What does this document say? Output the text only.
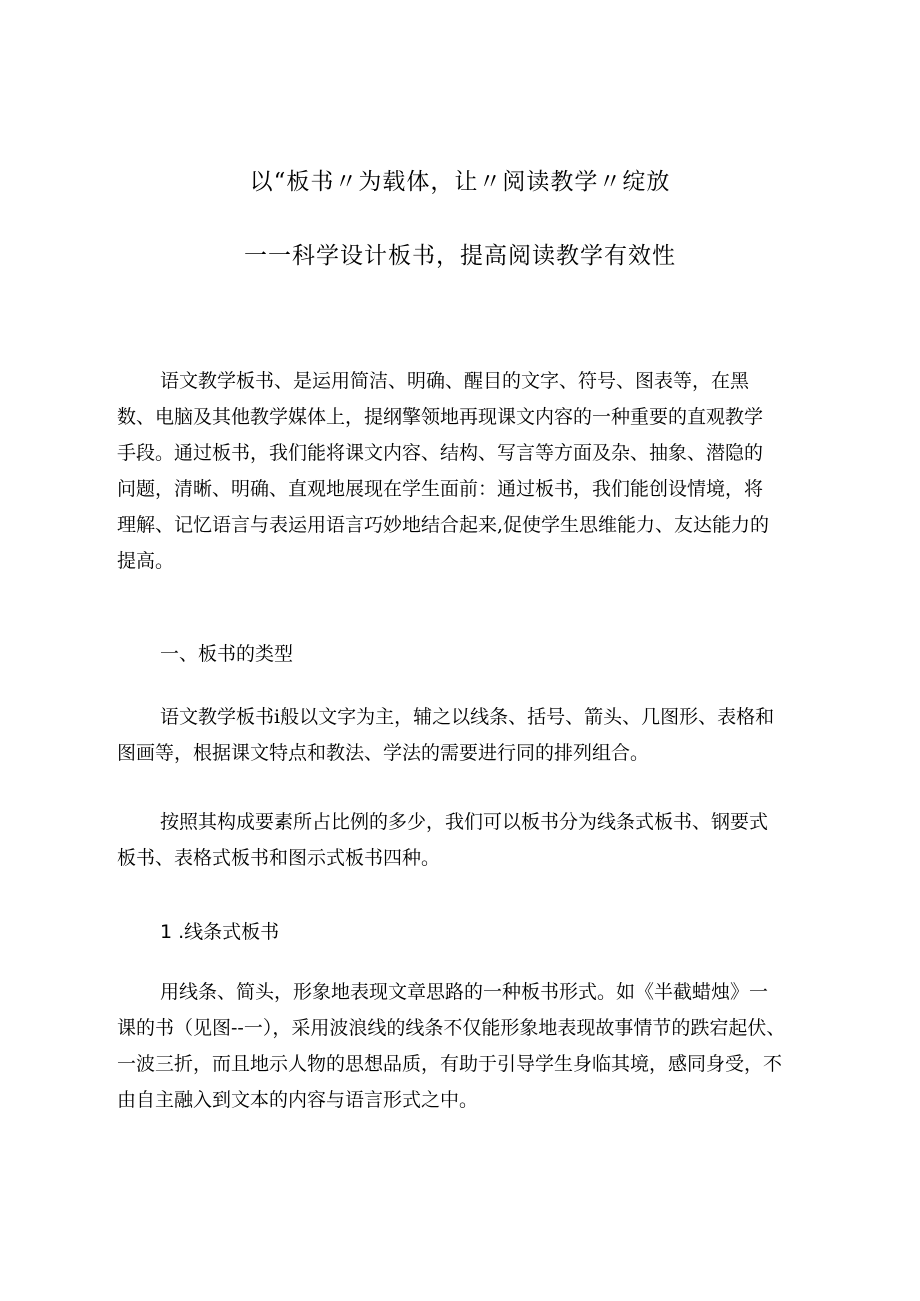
以“板书〃为载体，让〃阅读教学〃绽放
一一科学设计板书，提高阅读教学有效性
语文教学板书、是运用简洁、明确、醒目的文字、符号、图表等，在黑
数、电脑及其他教学媒体上，提纲擎领地再现课文内容的一种重要的直观教学
手段。通过板书，我们能将课文内容、结构、写言等方面及杂、抽象、潜隐的
问题，清晰、明确、直观地展现在学生面前：通过板书，我们能创设情境，将
理解、记忆语言与表运用语言巧妙地结合起来,促使学生思维能力、友达能力的
提高。
一、板书的类型
语文教学板书i般以文字为主，辅之以线条、括号、箭头、几图形、表格和
图画等，根据课文特点和教法、学法的需要进行同的排列组合。
按照其构成要素所占比例的多少，我们可以板书分为线条式板书、钢要式
板书、表格式板书和图示式板书四种。
1 .线条式板书
用线条、简头，形象地表现文章思路的一种板书形式。如《半截蜡烛》一
课的书（见图--一），采用波浪线的线条不仅能形象地表现故事情节的跌宕起伏、
一波三折，而且地示人物的思想品质，有助于引导学生身临其境，感同身受，不
由自主融入到文本的内容与语言形式之中。
